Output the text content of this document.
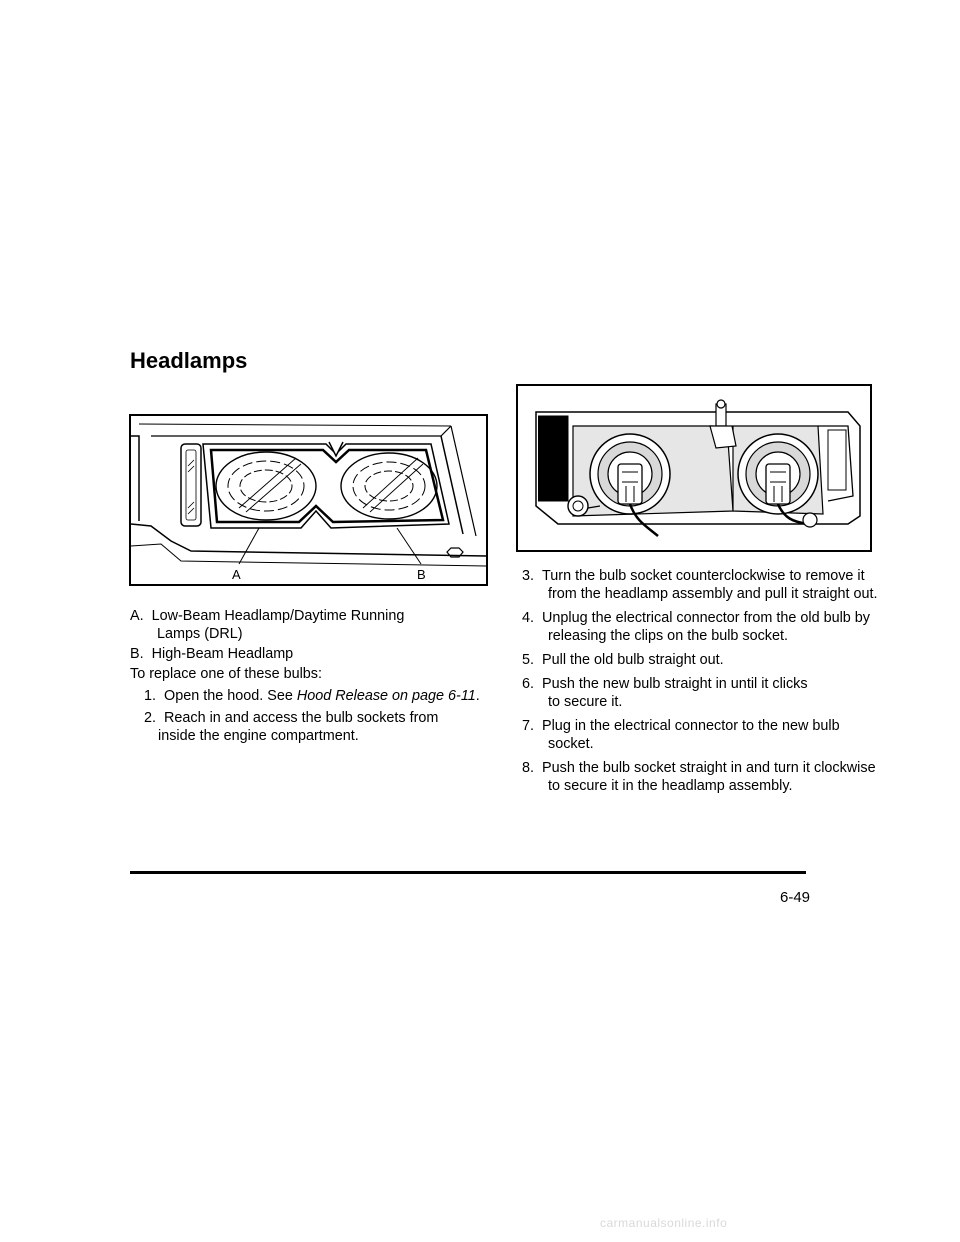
Headlamps
A	B
A. Low-Beam Headlamp/Daytime Running
Lamps (DRL)
B. High-Beam Headlamp
To replace one of these bulbs:
1. Open the hood. See Hood Release on page 6-11.
2. Reach in and access the bulb sockets from
inside the engine compartment.
3. Turn the bulb socket counterclockwise to remove it
from the headlamp assembly and pull it straight out.
4. Unplug the electrical connector from the old bulb by
releasing the clips on the bulb socket.
5. Pull the old bulb straight out.
6. Push the new bulb straight in until it clicks
to secure it.
7. Plug in the electrical connector to the new bulb
socket.
8. Push the bulb socket straight in and turn it clockwise
to secure it in the headlamp assembly.
6-49
carmanualsonline.info
